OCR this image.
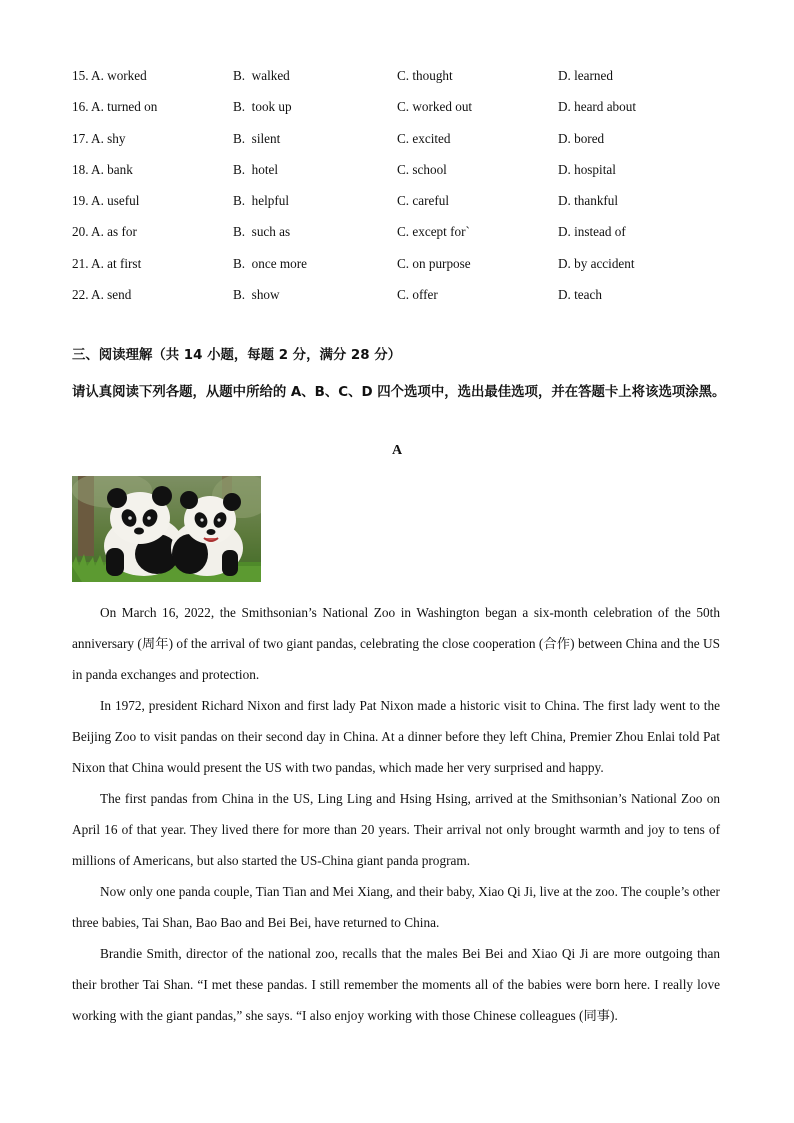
15. A. worked	B.  walked	C. thought	D. learned
16. A. turned on	B.  took up	C. worked out	D. heard about
17. A. shy	B.  silent	C. excited	D. bored
18. A. bank	B.  hotel	C. school	D. hospital
19. A. useful	B.  helpful	C. careful	D. thankful
20. A. as for	B.  such as	C. except for`	D. instead of
21. A. at first	B.  once more	C. on purpose	D. by accident
22. A. send	B.  show	C. offer	D. teach
三、阅读理解（共 14 小题，每题 2 分，满分 28 分）
请认真阅读下列各题，从题中所给的 A、B、C、D 四个选项中，选出最佳选项，并在答题卡上将该选项涂黑。
A

On March 16, 2022, the Smithsonian’s National Zoo in Washington began a six-month celebration of the 50th anniversary (周年) of the arrival of two giant pandas, celebrating the close cooperation (合作) between China and the US in panda exchanges and protection.

In 1972, president Richard Nixon and first lady Pat Nixon made a historic visit to China. The first lady went to the Beijing Zoo to visit pandas on their second day in China. At a dinner before they left China, Premier Zhou Enlai told Pat Nixon that China would present the US with two pandas, which made her very surprised and happy.

The first pandas from China in the US, Ling Ling and Hsing Hsing, arrived at the Smithsonian’s National Zoo on April 16 of that year. They lived there for more than 20 years. Their arrival not only brought warmth and joy to tens of millions of Americans, but also started the US-China giant panda program.

Now only one panda couple, Tian Tian and Mei Xiang, and their baby, Xiao Qi Ji, live at the zoo. The couple’s other three babies, Tai Shan, Bao Bao and Bei Bei, have returned to China.

Brandie Smith, director of the national zoo, recalls that the males Bei Bei and Xiao Qi Ji are more outgoing than their brother Tai Shan. “I met these pandas. I still remember the moments all of the babies were born here. I really love working with the giant pandas,” she says. “I also enjoy working with those Chinese colleagues (同事).
